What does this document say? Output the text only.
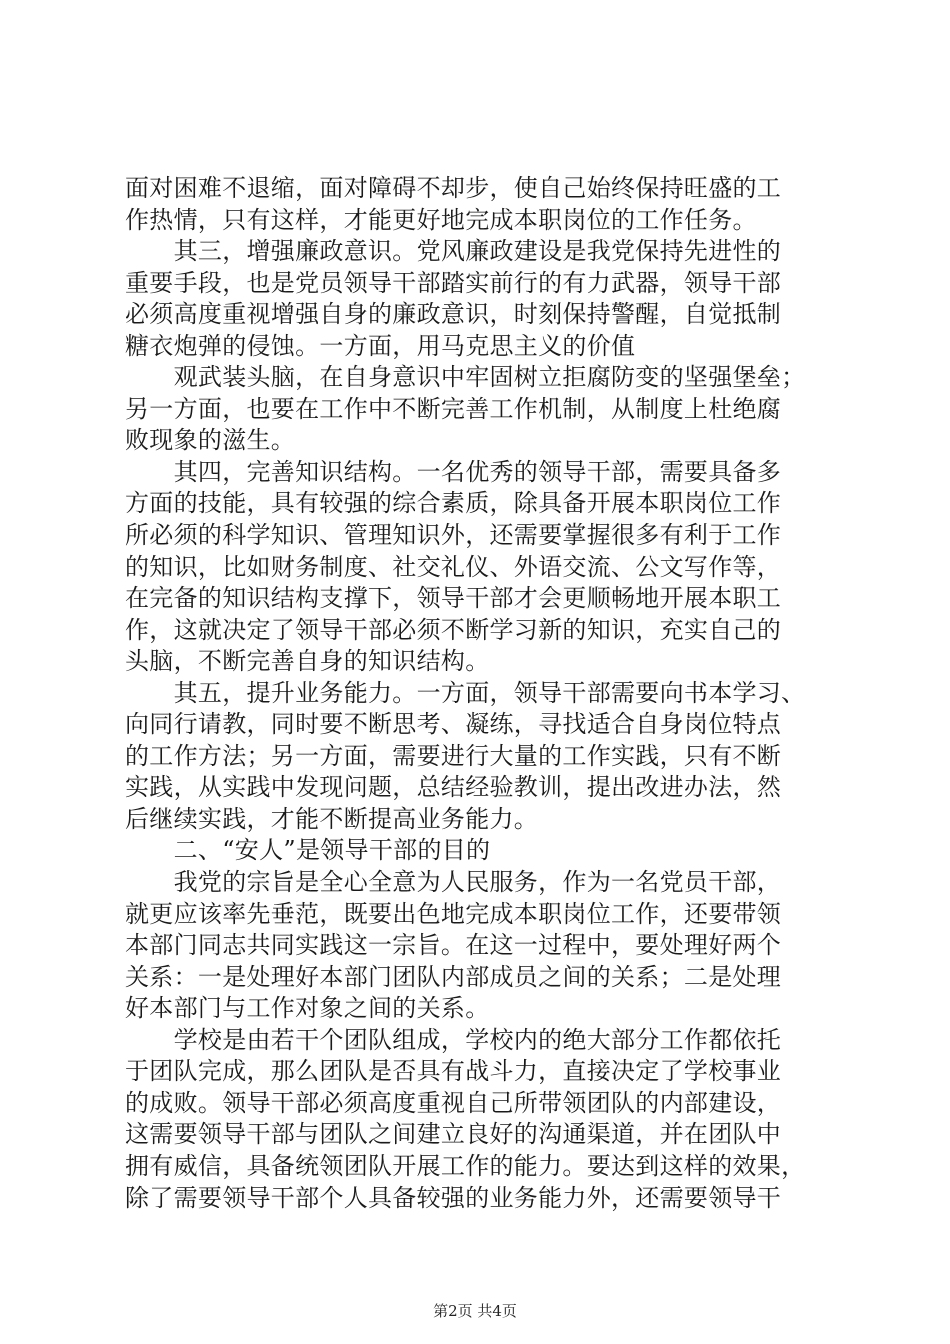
面对困难不退缩，面对障碍不却步，使自己始终保持旺盛的工
作热情，只有这样，才能更好地完成本职岗位的工作任务。
　　其三，增强廉政意识。党风廉政建设是我党保持先进性的
重要手段，也是党员领导干部踏实前行的有力武器，领导干部
必须高度重视增强自身的廉政意识，时刻保持警醒，自觉抵制
糖衣炮弹的侵蚀。一方面，用马克思主义的价值
　　观武装头脑，在自身意识中牢固树立拒腐防变的坚强堡垒；
另一方面，也要在工作中不断完善工作机制，从制度上杜绝腐
败现象的滋生。
　　其四，完善知识结构。一名优秀的领导干部，需要具备多
方面的技能，具有较强的综合素质，除具备开展本职岗位工作
所必须的科学知识、管理知识外，还需要掌握很多有利于工作
的知识，比如财务制度、社交礼仪、外语交流、公文写作等，
在完备的知识结构支撑下，领导干部才会更顺畅地开展本职工
作，这就决定了领导干部必须不断学习新的知识，充实自己的
头脑，不断完善自身的知识结构。
　　其五，提升业务能力。一方面，领导干部需要向书本学习、
向同行请教，同时要不断思考、凝练，寻找适合自身岗位特点
的工作方法；另一方面，需要进行大量的工作实践，只有不断
实践，从实践中发现问题，总结经验教训，提出改进办法，然
后继续实践，才能不断提高业务能力。
　　二、“安人”是领导干部的目的
　　我党的宗旨是全心全意为人民服务，作为一名党员干部，
就更应该率先垂范，既要出色地完成本职岗位工作，还要带领
本部门同志共同实践这一宗旨。在这一过程中，要处理好两个
关系：一是处理好本部门团队内部成员之间的关系；二是处理
好本部门与工作对象之间的关系。
　　学校是由若干个团队组成，学校内的绝大部分工作都依托
于团队完成，那么团队是否具有战斗力，直接决定了学校事业
的成败。领导干部必须高度重视自己所带领团队的内部建设，
这需要领导干部与团队之间建立良好的沟通渠道，并在团队中
拥有威信，具备统领团队开展工作的能力。要达到这样的效果，
除了需要领导干部个人具备较强的业务能力外，还需要领导干
第2页 共4页
